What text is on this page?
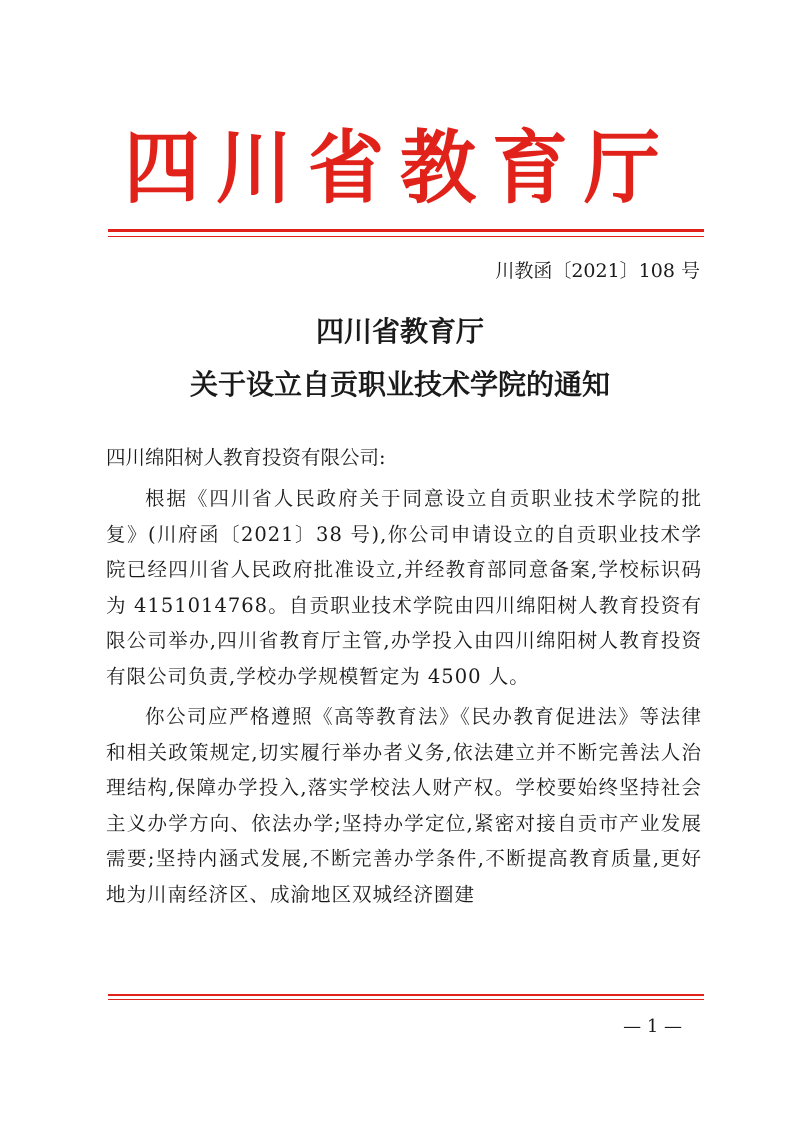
四川省教育厅
川教函〔2021〕108 号
四川省教育厅
关于设立自贡职业技术学院的通知
四川绵阳树人教育投资有限公司:

根据《四川省人民政府关于同意设立自贡职业技术学院的批复》(川府函〔2021〕38 号),你公司申请设立的自贡职业技术学院已经四川省人民政府批准设立,并经教育部同意备案,学校标识码为 4151014768。自贡职业技术学院由四川绵阳树人教育投资有限公司举办,四川省教育厅主管,办学投入由四川绵阳树人教育投资有限公司负责,学校办学规模暂定为 4500 人。

你公司应严格遵照《高等教育法》《民办教育促进法》等法律和相关政策规定,切实履行举办者义务,依法建立并不断完善法人治理结构,保障办学投入,落实学校法人财产权。学校要始终坚持社会主义办学方向、依法办学;坚持办学定位,紧密对接自贡市产业发展需要;坚持内涵式发展,不断完善办学条件,不断提高教育质量,更好地为川南经济区、成渝地区双城经济圈建

— 1 —
